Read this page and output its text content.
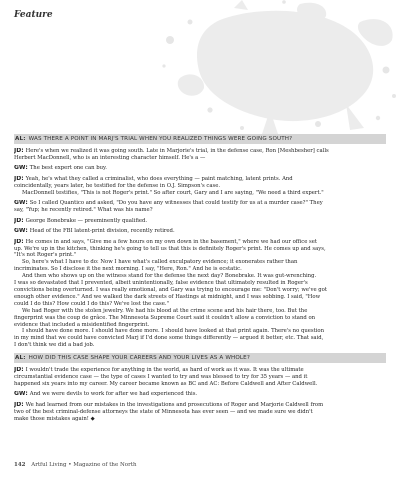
Feature
AL: WAS THERE A POINT IN MARJ'S TRIAL WHEN YOU REALIZED THINGS WERE GOING SOUTH?
JD: Here's when we realized it was going south. Late in Marjorie's trial, in the defense case, Ron [Meshbesher] calls
Herbert MacDonnell, who is an interesting character himself. He's a —
GW: The best expert one can buy.
JD: Yeah, he's what they called a criminalist, who does everything — paint matching, latent prints. And
coincidentally, years later, he testified for the defense in O.J. Simpson's case.
MacDonnell testifies, "This is not Roger's print." So after court, Gary and I are saying, "We need a third expert."
GW: So I called Quantico and asked, "Do you have any witnesses that could testify for us at a murder case?" They
say, "Yup; he recently retired." What was his name?
JD: George Bonebrake — preeminently qualified.
GW: Head of the FBI latent-print division, recently retired.
JD: He comes in and says, "Give me a few hours on my own down in the basement," where we had our office set
up. We're up in the kitchen, thinking he's going to tell us that this is definitely Roger's print. He comes up and says,
"It's not Roger's print."
So, here's what I have to do: Now I have what's called exculpatory evidence; it exonerates rather than
incriminates. So I disclose it the next morning. I say, "Here, Ron." And he is ecstatic.
And then who shows up on the witness stand for the defense the next day? Bonebrake. It was gut-wrenching.
I was so devastated that I prevented, albeit unintentionally, false evidence that ultimately resulted in Roger's
convictions being overturned. I was really emotional, and Gary was trying to encourage me: "Don't worry; we've got
enough other evidence." And we walked the dark streets of Hastings at midnight, and I was sobbing. I said, "How
could I do this? How could I do this? We've lost the case."
We had Roger with the stolen jewelry. We had his blood at the crime scene and his hair there, too. But the
fingerprint was the coup de grâce. The Minnesota Supreme Court said it couldn't allow a conviction to stand on
evidence that included a misidentified fingerprint.
I should have done more. I should have done more. I should have looked at that print again. There's no question
in my mind that we could have convicted Marj if I'd done some things differently — argued it better, etc. That said,
I don't think we did a bad job.
AL: HOW DID THIS CASE SHAPE YOUR CAREERS AND YOUR LIVES AS A WHOLE?
JD: I wouldn't trade the experience for anything in the world, as hard of work as it was. It was the ultimate
circumstantial evidence case — the type of cases I wanted to try and was blessed to try for 35 years — and it
happened six years into my career. My career became known as BC and AC: Before Caldwell and After Caldwell.
GW: And we were devils to work for after we had experienced this.
JD: We had learned from our mistakes in the investigations and prosecutions of Roger and Marjorie Caldwell from
two of the best criminal-defense attorneys the state of Minnesota has ever seen — and we made sure we didn't
make those mistakes again! ◆
142 Artful Living • Magazine of the North
